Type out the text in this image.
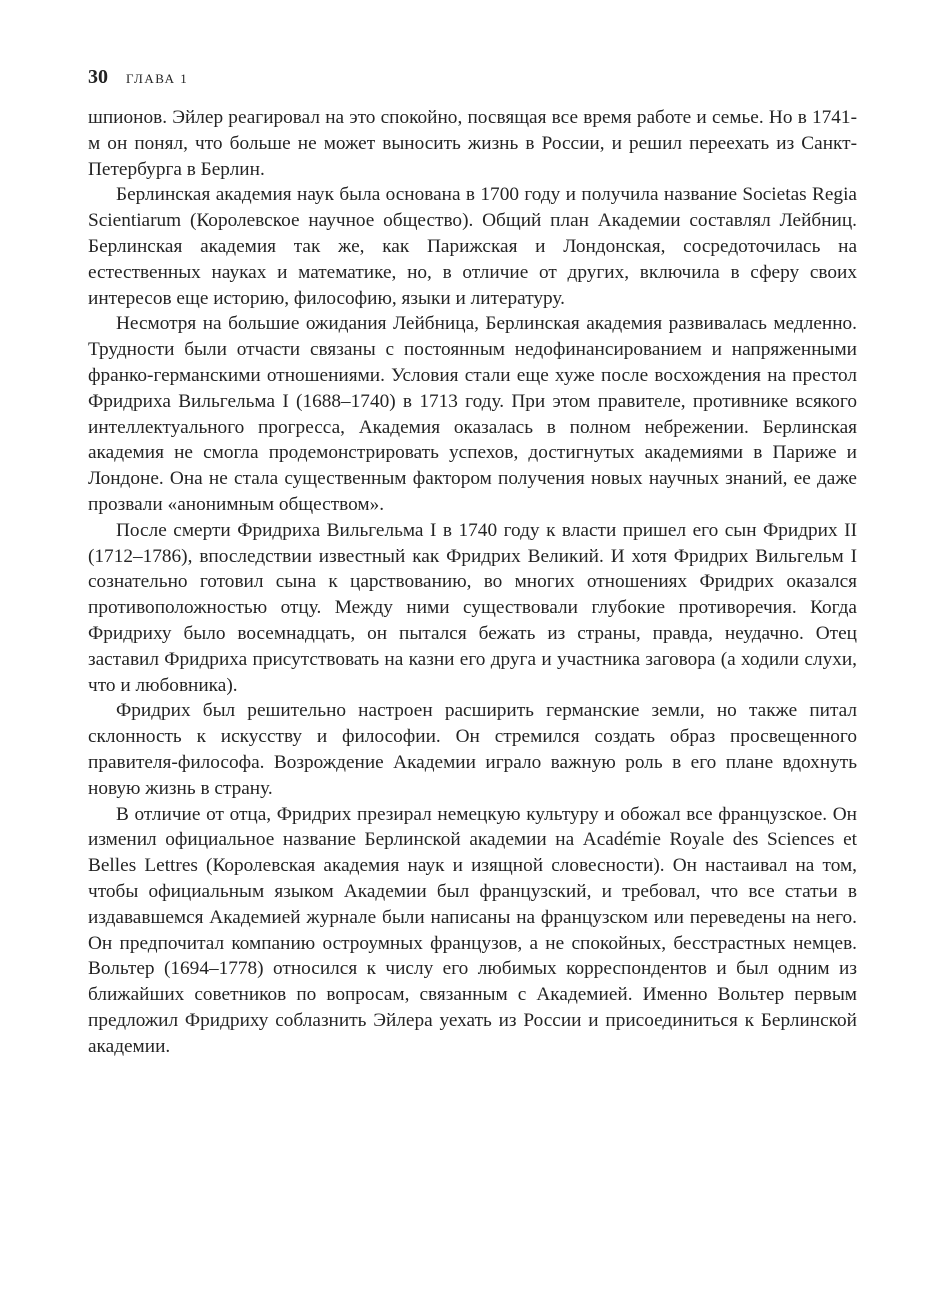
30 ГЛАВА 1

шпионов. Эйлер реагировал на это спокойно, посвящая все время работе и семье. Но в 1741-м он понял, что больше не может выносить жизнь в России, и решил переехать из Санкт-Петербурга в Берлин.

Берлинская академия наук была основана в 1700 году и получила название Societas Regia Scientiarum (Королевское научное общество). Общий план Академии составлял Лейбниц. Берлинская академия так же, как Парижская и Лондонская, сосредоточилась на естественных науках и математике, но, в отличие от других, включила в сферу своих интересов еще историю, философию, языки и литературу.

Несмотря на большие ожидания Лейбница, Берлинская академия развивалась медленно. Трудности были отчасти связаны с постоянным недофинансированием и напряженными франко-германскими отношениями. Условия стали еще хуже после восхождения на престол Фридриха Вильгельма I (1688–1740) в 1713 году. При этом правителе, противнике всякого интеллектуального прогресса, Академия оказалась в полном небрежении. Берлинская академия не смогла продемонстрировать успехов, достигнутых академиями в Париже и Лондоне. Она не стала существенным фактором получения новых научных знаний, ее даже прозвали «анонимным обществом».

После смерти Фридриха Вильгельма I в 1740 году к власти пришел его сын Фридрих II (1712–1786), впоследствии известный как Фридрих Великий. И хотя Фридрих Вильгельм I сознательно готовил сына к царствованию, во многих отношениях Фридрих оказался противоположностью отцу. Между ними существовали глубокие противоречия. Когда Фридриху было восемнадцать, он пытался бежать из страны, правда, неудачно. Отец заставил Фридриха присутствовать на казни его друга и участника заговора (а ходили слухи, что и любовника).

Фридрих был решительно настроен расширить германские земли, но также питал склонность к искусству и философии. Он стремился создать образ просвещенного правителя-философа. Возрождение Академии играло важную роль в его плане вдохнуть новую жизнь в страну.

В отличие от отца, Фридрих презирал немецкую культуру и обожал все французское. Он изменил официальное название Берлинской академии на Académie Royale des Sciences et Belles Lettres (Королевская академия наук и изящной словесности). Он настаивал на том, чтобы официальным языком Академии был французский, и требовал, что все статьи в издававшемся Академией журнале были написаны на французском или переведены на него. Он предпочитал компанию остроумных французов, а не спокойных, бесстрастных немцев. Вольтер (1694–1778) относился к числу его любимых корреспондентов и был одним из ближайших советников по вопросам, связанным с Академией. Именно Вольтер первым предложил Фридриху соблазнить Эйлера уехать из России и присоединиться к Берлинской академии.
